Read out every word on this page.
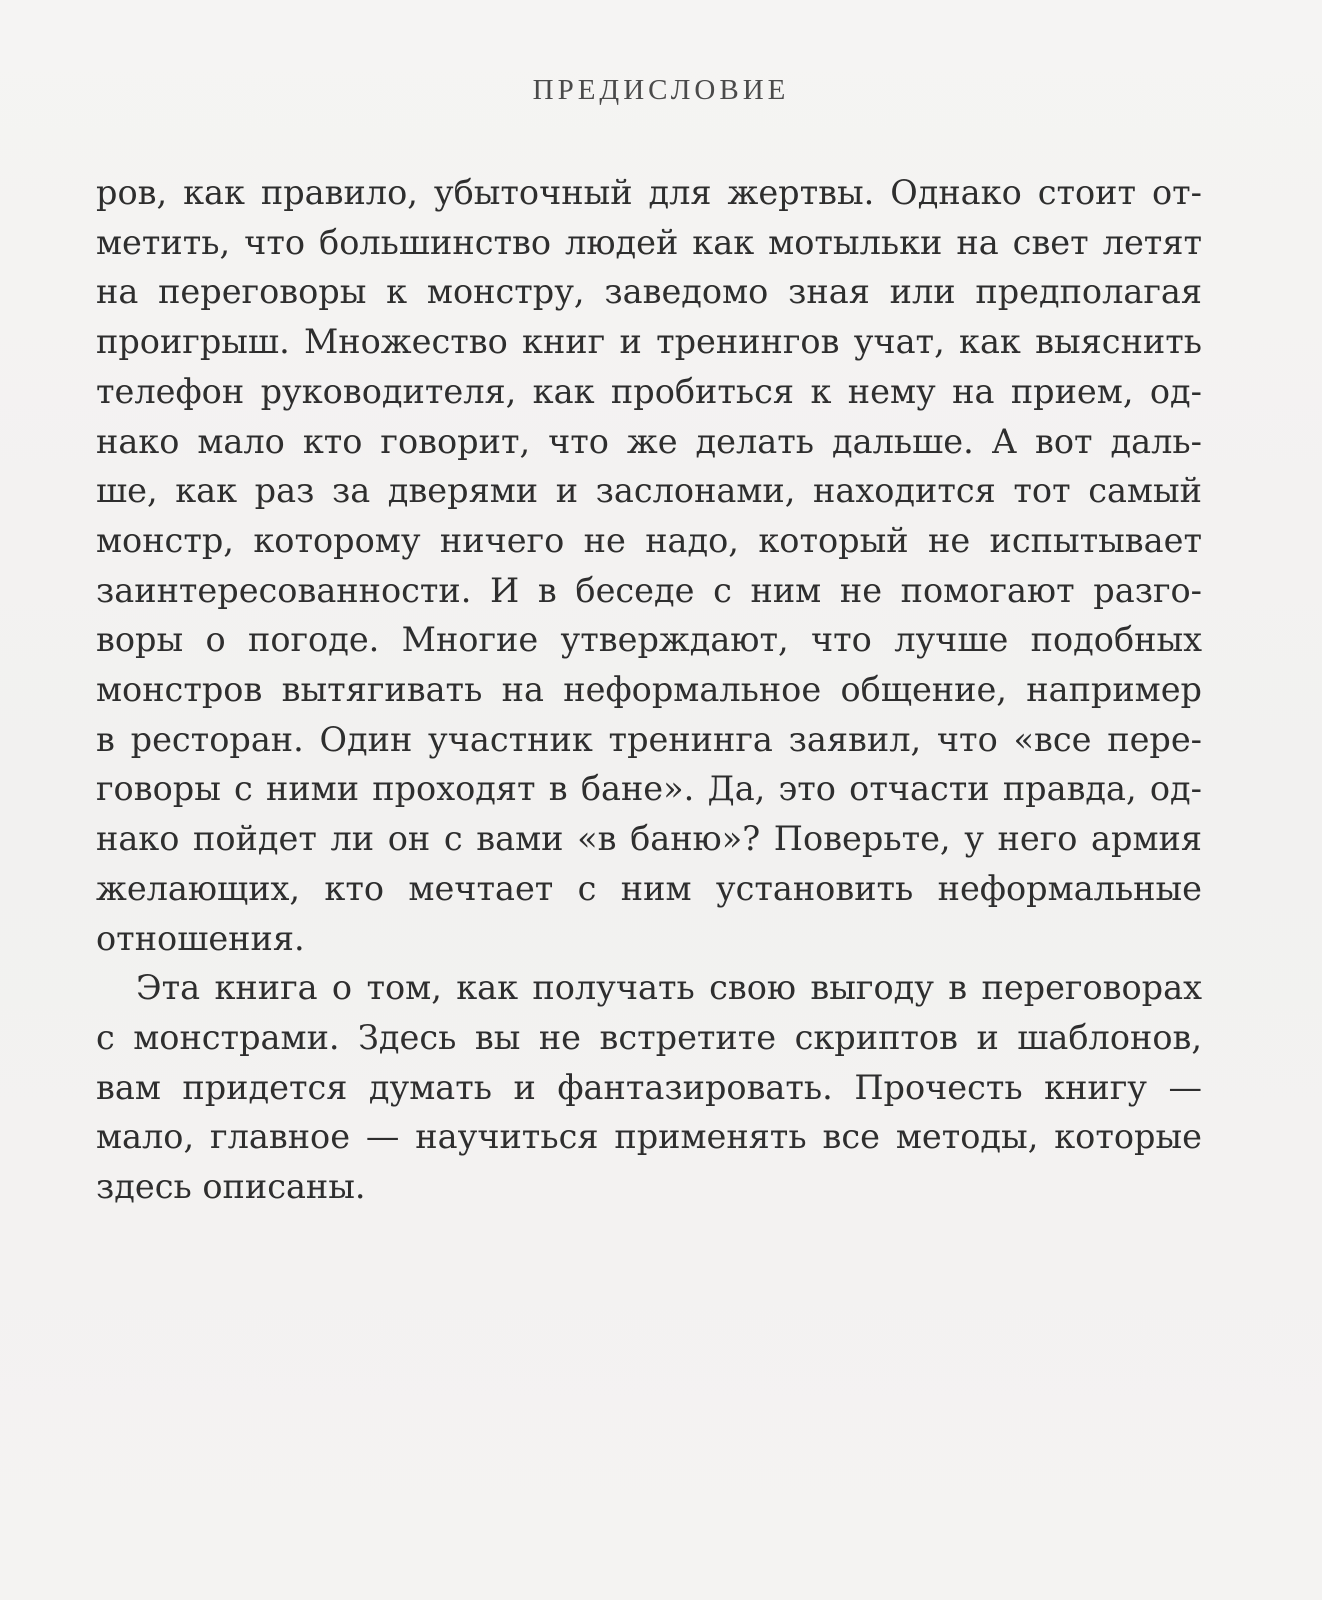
ПРЕДИСЛОВИЕ
ров, как правило, убыточный для жертвы. Однако стоит от-
метить, что большинство людей как мотыльки на свет летят
на переговоры к монстру, заведомо зная или предполагая
проигрыш. Множество книг и тренингов учат, как выяснить
телефон руководителя, как пробиться к нему на прием, од-
нако мало кто говорит, что же делать дальше. А вот даль-
ше, как раз за дверями и заслонами, находится тот самый
монстр, которому ничего не надо, который не испытывает
заинтересованности. И в беседе с ним не помогают разго-
воры о погоде. Многие утверждают, что лучше подобных
монстров вытягивать на неформальное общение, например
в ресторан. Один участник тренинга заявил, что «все пере-
говоры с ними проходят в бане». Да, это отчасти правда, од-
нако пойдет ли он с вами «в баню»? Поверьте, у него армия
желающих, кто мечтает с ним установить неформальные
отношения.
Эта книга о том, как получать свою выгоду в переговорах
с монстрами. Здесь вы не встретите скриптов и шаблонов,
вам придется думать и фантазировать. Прочесть книгу —
мало, главное — научиться применять все методы, которые
здесь описаны.
